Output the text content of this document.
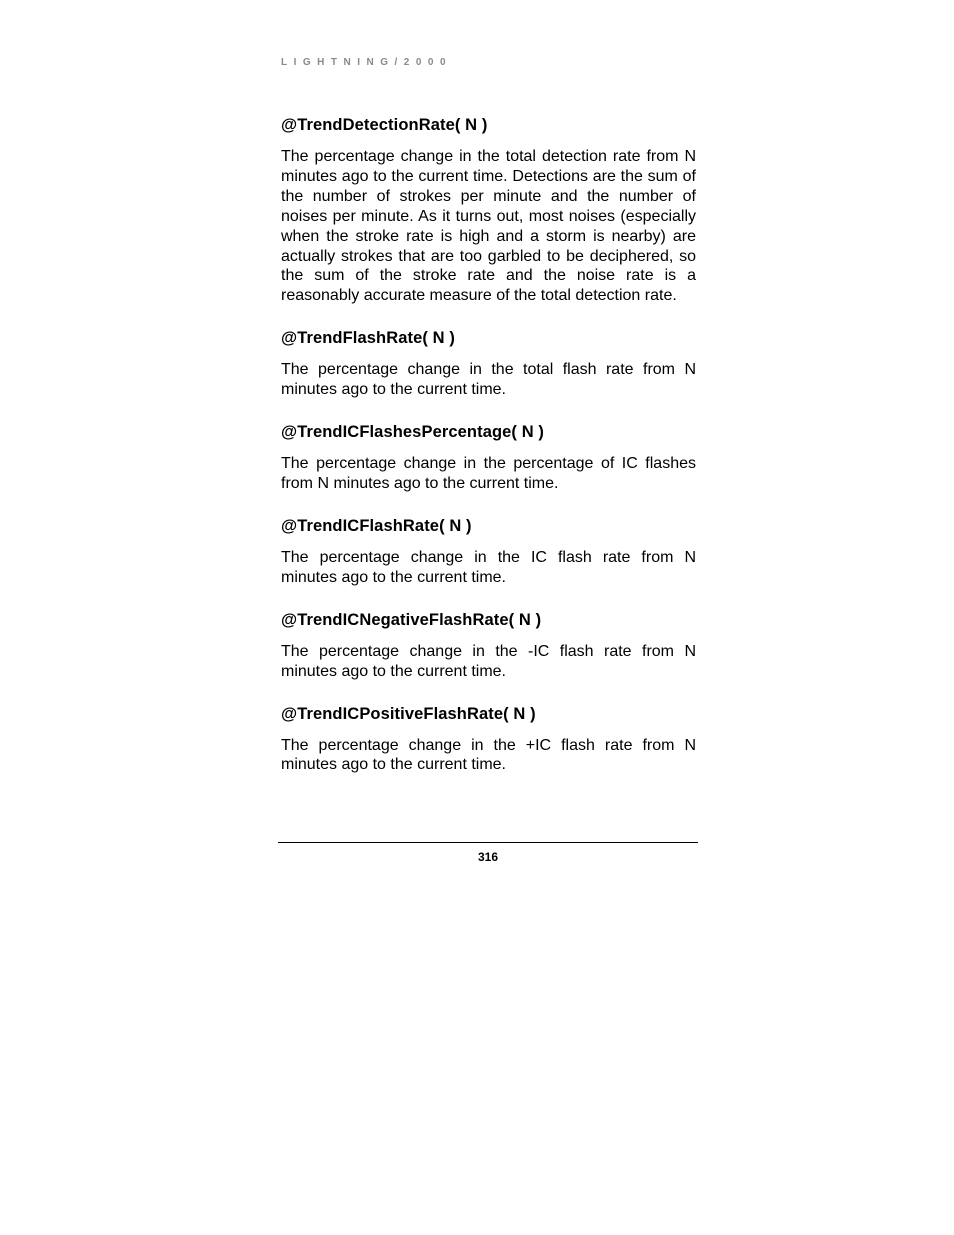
LIGHTNING/2000
@TrendDetectionRate( N )

The percentage change in the total detection rate from N minutes ago to the current time. Detections are the sum of the number of strokes per minute and the number of noises per minute. As it turns out, most noises (especially when the stroke rate is high and a storm is nearby) are actually strokes that are too garbled to be deciphered, so the sum of the stroke rate and the noise rate is a reasonably accurate measure of the total detection rate.

@TrendFlashRate( N )

The percentage change in the total flash rate from N minutes ago to the current time.

@TrendICFlashesPercentage( N )

The percentage change in the percentage of IC flashes from N minutes ago to the current time.

@TrendICFlashRate( N )

The percentage change in the IC flash rate from N minutes ago to the current time.

@TrendICNegativeFlashRate( N )

The percentage change in the -IC flash rate from N minutes ago to the current time.

@TrendICPositiveFlashRate( N )

The percentage change in the +IC flash rate from N minutes ago to the current time.

316
